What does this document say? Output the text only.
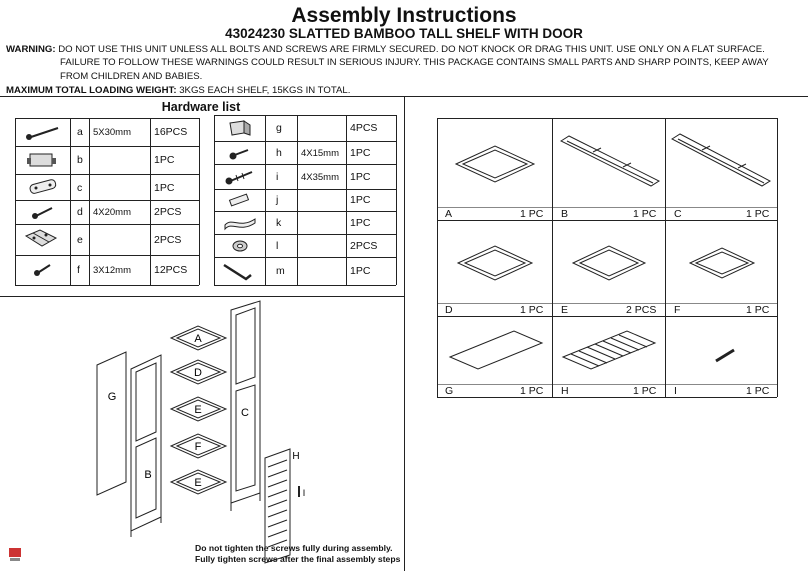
Assembly Instructions
43024230 SLATTED BAMBOO TALL SHELF WITH DOOR
WARNING: DO NOT USE THIS UNIT UNLESS ALL BOLTS AND SCREWS ARE FIRMLY SECURED. DO NOT KNOCK OR DRAG THIS UNIT. USE ONLY ON A FLAT SURFACE.
FAILURE TO FOLLOW THESE WARNINGS COULD RESULT IN SERIOUS INJURY. THIS PACKAGE CONTAINS SMALL PARTS AND SHARP POINTS, KEEP AWAY
FROM CHILDREN AND BABIES.
MAXIMUM TOTAL LOADING WEIGHT: 3KGS EACH SHELF, 15KGS IN TOTAL.
Hardware list
a 5X30mm 16PCS
b	1PC
c	1PC
d 4X20mm 2PCS
e	2PCS
f 3X12mm 12PCS
g	4PCS
h 4X15mm 1PC
i 4X35mm 1PC
j	1PC
k	1PC
l	2PCS
m	1PC
A
D
E
F
E
B
C
G
H
I
Do not tighten the screws fully during assembly.
Fully tighten screws after the final assembly steps
A	1 PC B	1 PC C	1 PC
D	1 PC E	2 PCS F	1 PC
G	1 PC H	1 PC I	1 PC
